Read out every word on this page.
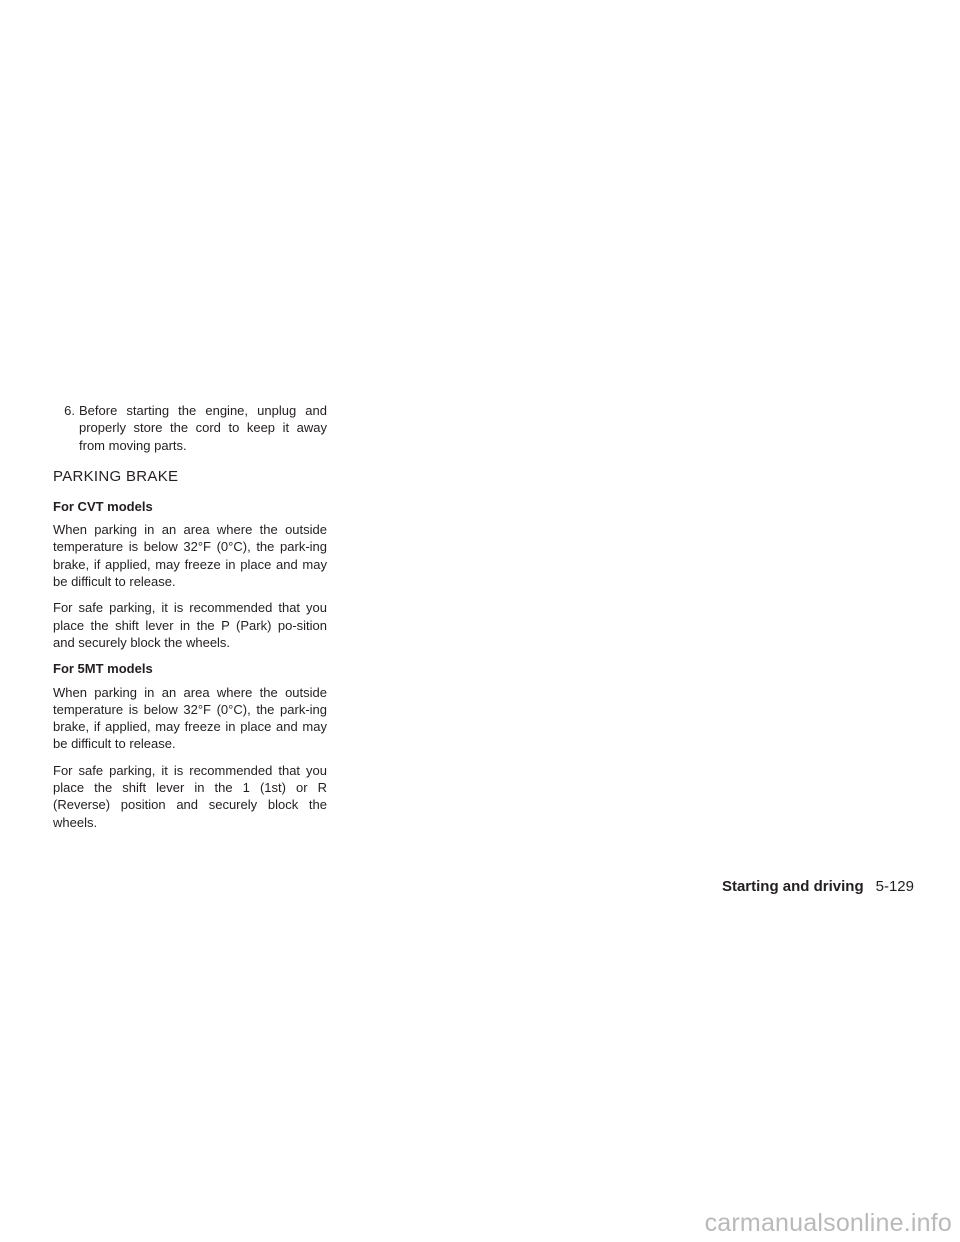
6. Before starting the engine, unplug and properly store the cord to keep it away from moving parts.
PARKING BRAKE
For CVT models

When parking in an area where the outside temperature is below 32°F (0°C), the park-ing brake, if applied, may freeze in place and may be difficult to release.

For safe parking, it is recommended that you place the shift lever in the P (Park) po-sition and securely block the wheels.

For 5MT models

When parking in an area where the outside temperature is below 32°F (0°C), the park-ing brake, if applied, may freeze in place and may be difficult to release.

For safe parking, it is recommended that you place the shift lever in the 1 (1st) or R (Reverse) position and securely block the wheels.

Starting and driving 5-129
carmanualsonline.info
